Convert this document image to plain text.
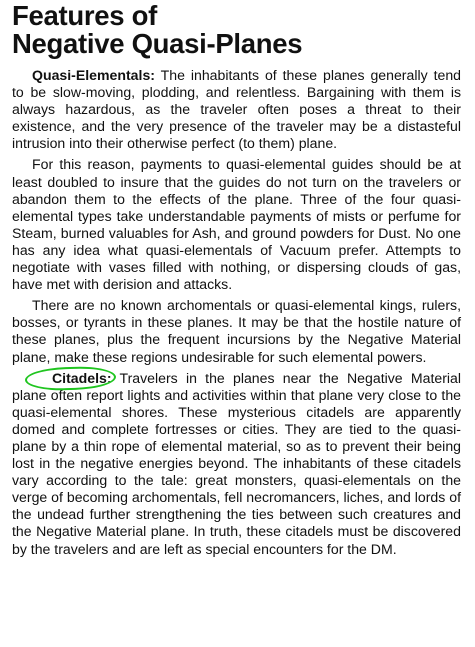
Features of
Negative Quasi-Planes

Quasi-Elementals: The inhabitants of these planes generally tend to be slow-moving, plodding, and relentless. Bargaining with them is always hazardous, as the traveler often poses a threat to their existence, and the very presence of the traveler may be a distasteful intrusion into their otherwise perfect (to them) plane.

For this reason, payments to quasi-elemental guides should be at least doubled to insure that the guides do not turn on the travelers or abandon them to the effects of the plane. Three of the four quasi-elemental types take understandable payments of mists or perfume for Steam, burned valuables for Ash, and ground powders for Dust. No one has any idea what quasi-elementals of Vacuum prefer. Attempts to negotiate with vases filled with nothing, or dispersing clouds of gas, have met with derision and attacks.

There are no known archomentals or quasi-elemental kings, rulers, bosses, or tyrants in these planes. It may be that the hostile nature of these planes, plus the frequent incursions by the Negative Material plane, make these regions undesirable for such elemental powers.

Citadels:
Travelers in the planes near the Negative Material plane often report lights and activities within that plane very close to the quasi-elemental shores. These mysterious citadels are apparently domed and complete fortresses or cities. They are tied to the quasi-plane by a thin rope of elemental material, so as to prevent their being lost in the negative energies beyond. The inhabitants of these citadels vary according to the tale: great monsters, quasi-elementals on the verge of becoming archomentals, fell necromancers, liches, and lords of the undead further strengthening the ties between such creatures and the Negative Material plane. In truth, these citadels must be discovered by the travelers and are left as special encounters for the DM.
